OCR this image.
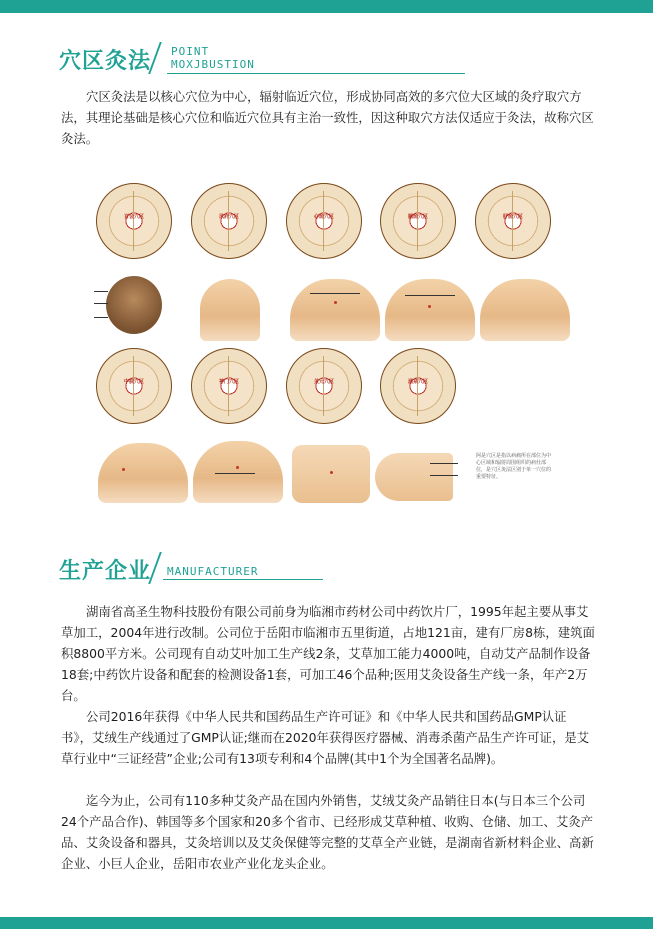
穴区灸法 POINT
MOXJBUSTION

穴区灸法是以核心穴位为中心，辐射临近穴位，形成协同高效的多穴位大区域的灸疗取穴方法，其理论基础是核心穴位和临近穴位具有主治一致性，因这种取穴方法仅适应于灸法，故称穴区灸法。

百会穴区	风府穴区	心俞穴区	膈俞穴区	肝俞穴区
中脘穴区	神门穴区	关元穴区	涌泉穴区
阿是穴区是指以病痛所在部位为中心区域和辐射周围组织的病灶部位，是穴区灸法区别于单一穴位的重要特征。
生产企业 MANUFACTURER

湖南省高圣生物科技股份有限公司前身为临湘市药材公司中药饮片厂，1995年起主要从事艾草加工，2004年进行改制。公司位于岳阳市临湘市五里街道，占地121亩，建有厂房8栋，建筑面积8800平方米。公司现有自动艾叶加工生产线2条，艾草加工能力4000吨，自动艾产品制作设备18套;中药饮片设备和配套的检测设备1套，可加工46个品种;医用艾灸设备生产线一条，年产2万台。

公司2016年获得《中华人民共和国药品生产许可证》和《中华人民共和国药品GMP认证书》，艾绒生产线通过了GMP认证;继而在2020年获得医疗器械、消毒杀菌产品生产许可证，是艾草行业中“三证经营”企业;公司有13项专利和4个品牌(其中1个为全国著名品牌)。

迄今为止，公司有110多种艾灸产品在国内外销售，艾绒艾灸产品销往日本(与日本三个公司24个产品合作)、韩国等多个国家和20多个省市、已经形成艾草种植、收购、仓储、加工、艾灸产品、艾灸设备和器具，艾灸培训以及艾灸保健等完整的艾草全产业链，是湖南省新材料企业、高新企业、小巨人企业，岳阳市农业产业化龙头企业。
